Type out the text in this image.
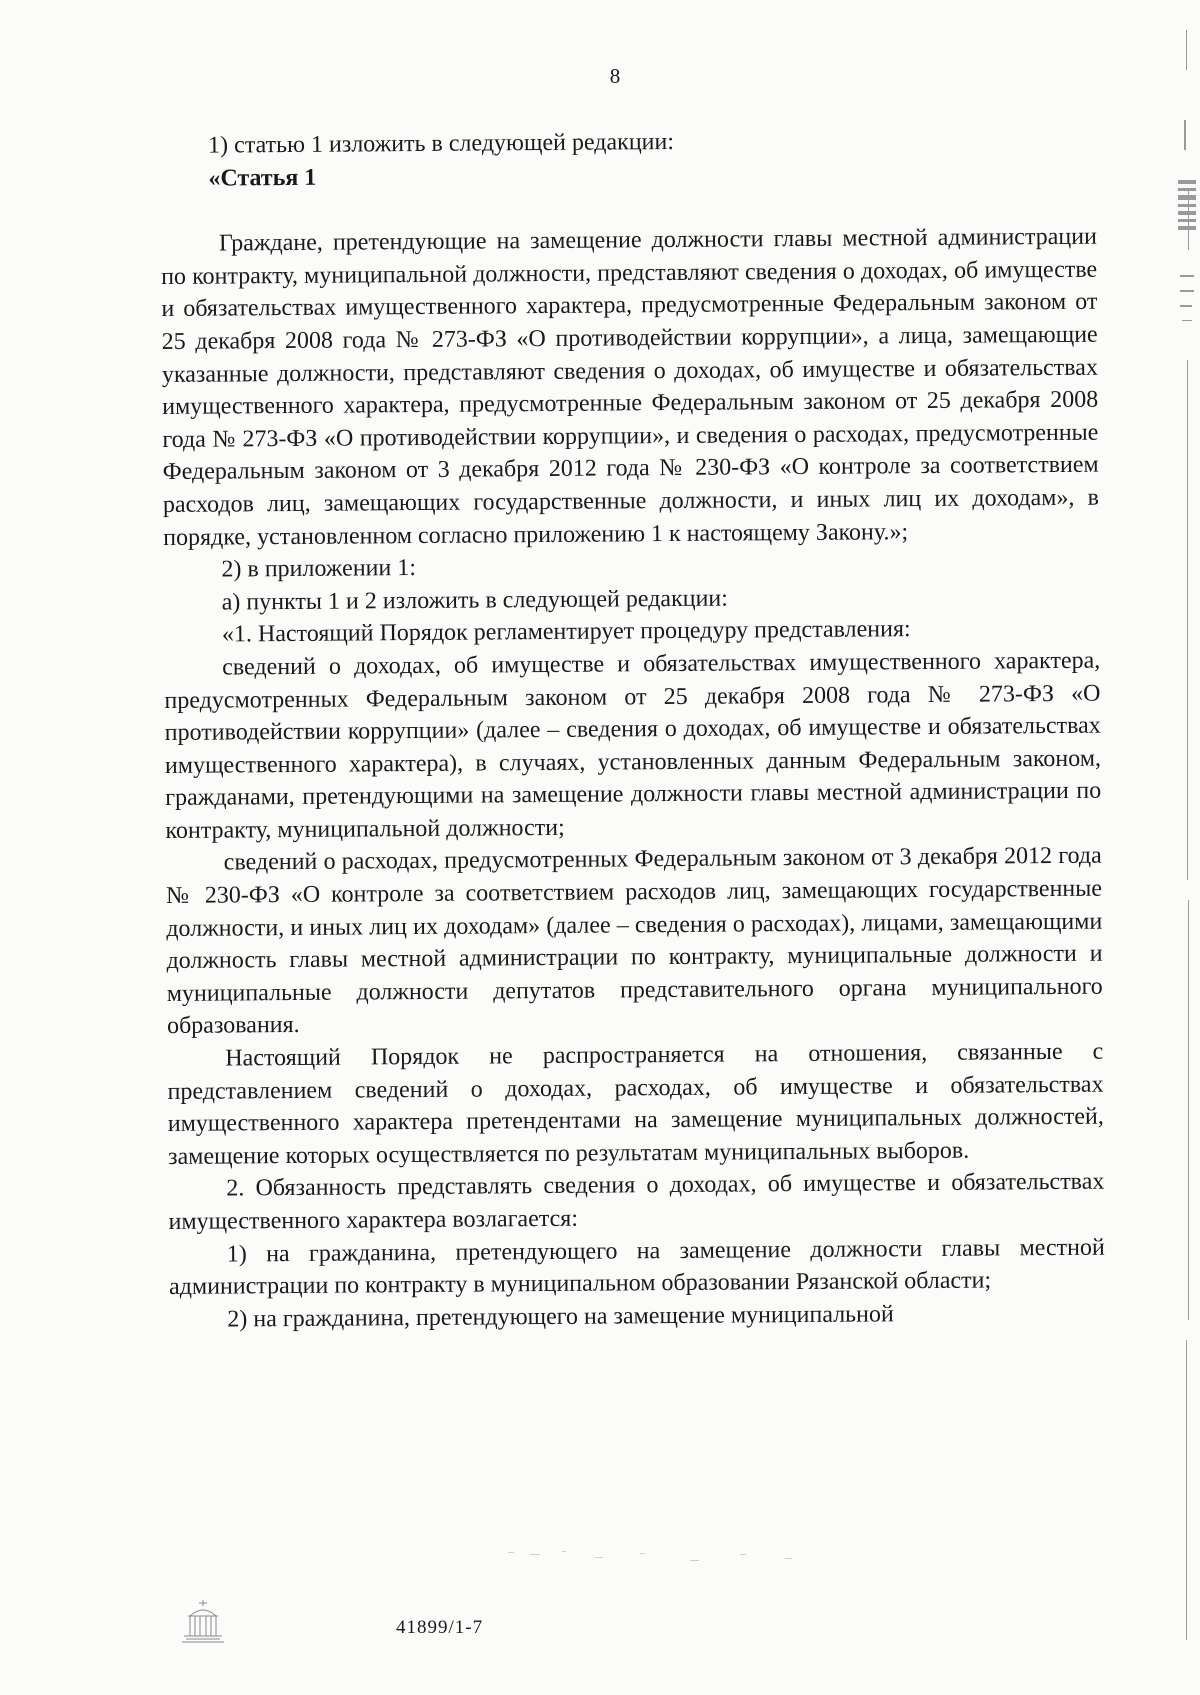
8

1) статью 1 изложить в следующей редакции:

«Статья 1

Граждане, претендующие на замещение должности главы местной администрации по контракту, муниципальной должности, представляют сведения о доходах, об имуществе и обязательствах имущественного характера, предусмотренные Федеральным законом от 25 декабря 2008 года № 273-ФЗ «О противодействии коррупции», а лица, замещающие указанные должности, представляют сведения о доходах, об имуществе и обязательствах имущественного характера, предусмотренные Федеральным законом от 25 декабря 2008 года № 273-ФЗ «О противодействии коррупции», и сведения о расходах, предусмотренные Федеральным законом от 3 декабря 2012 года № 230-ФЗ «О контроле за соответствием расходов лиц, замещающих государственные должности, и иных лиц их доходам», в порядке, установленном согласно приложению 1 к настоящему Закону.»;

2) в приложении 1:

а) пункты 1 и 2 изложить в следующей редакции:

«1. Настоящий Порядок регламентирует процедуру представления:

сведений о доходах, об имуществе и обязательствах имущественного характера, предусмотренных Федеральным законом от 25 декабря 2008 года № 273-ФЗ «О противодействии коррупции» (далее – сведения о доходах, об имуществе и обязательствах имущественного характера), в случаях, установленных данным Федеральным законом, гражданами, претендующими на замещение должности главы местной администрации по контракту, муниципальной должности;

сведений о расходах, предусмотренных Федеральным законом от 3 декабря 2012 года № 230-ФЗ «О контроле за соответствием расходов лиц, замещающих государственные должности, и иных лиц их доходам» (далее – сведения о расходах), лицами, замещающими должность главы местной администрации по контракту, муниципальные должности и муниципальные должности депутатов представительного органа муниципального образования.

Настоящий Порядок не распространяется на отношения, связанные с представлением сведений о доходах, расходах, об имуществе и обязательствах имущественного характера претендентами на замещение муниципальных должностей, замещение которых осуществляется по результатам муниципальных выборов.

2. Обязанность представлять сведения о доходах, об имуществе и обязательствах имущественного характера возлагается:

1) на гражданина, претендующего на замещение должности главы местной администрации по контракту в муниципальном образовании Рязанской области;

2) на гражданина, претендующего на замещение муниципальной

41899/1-7
